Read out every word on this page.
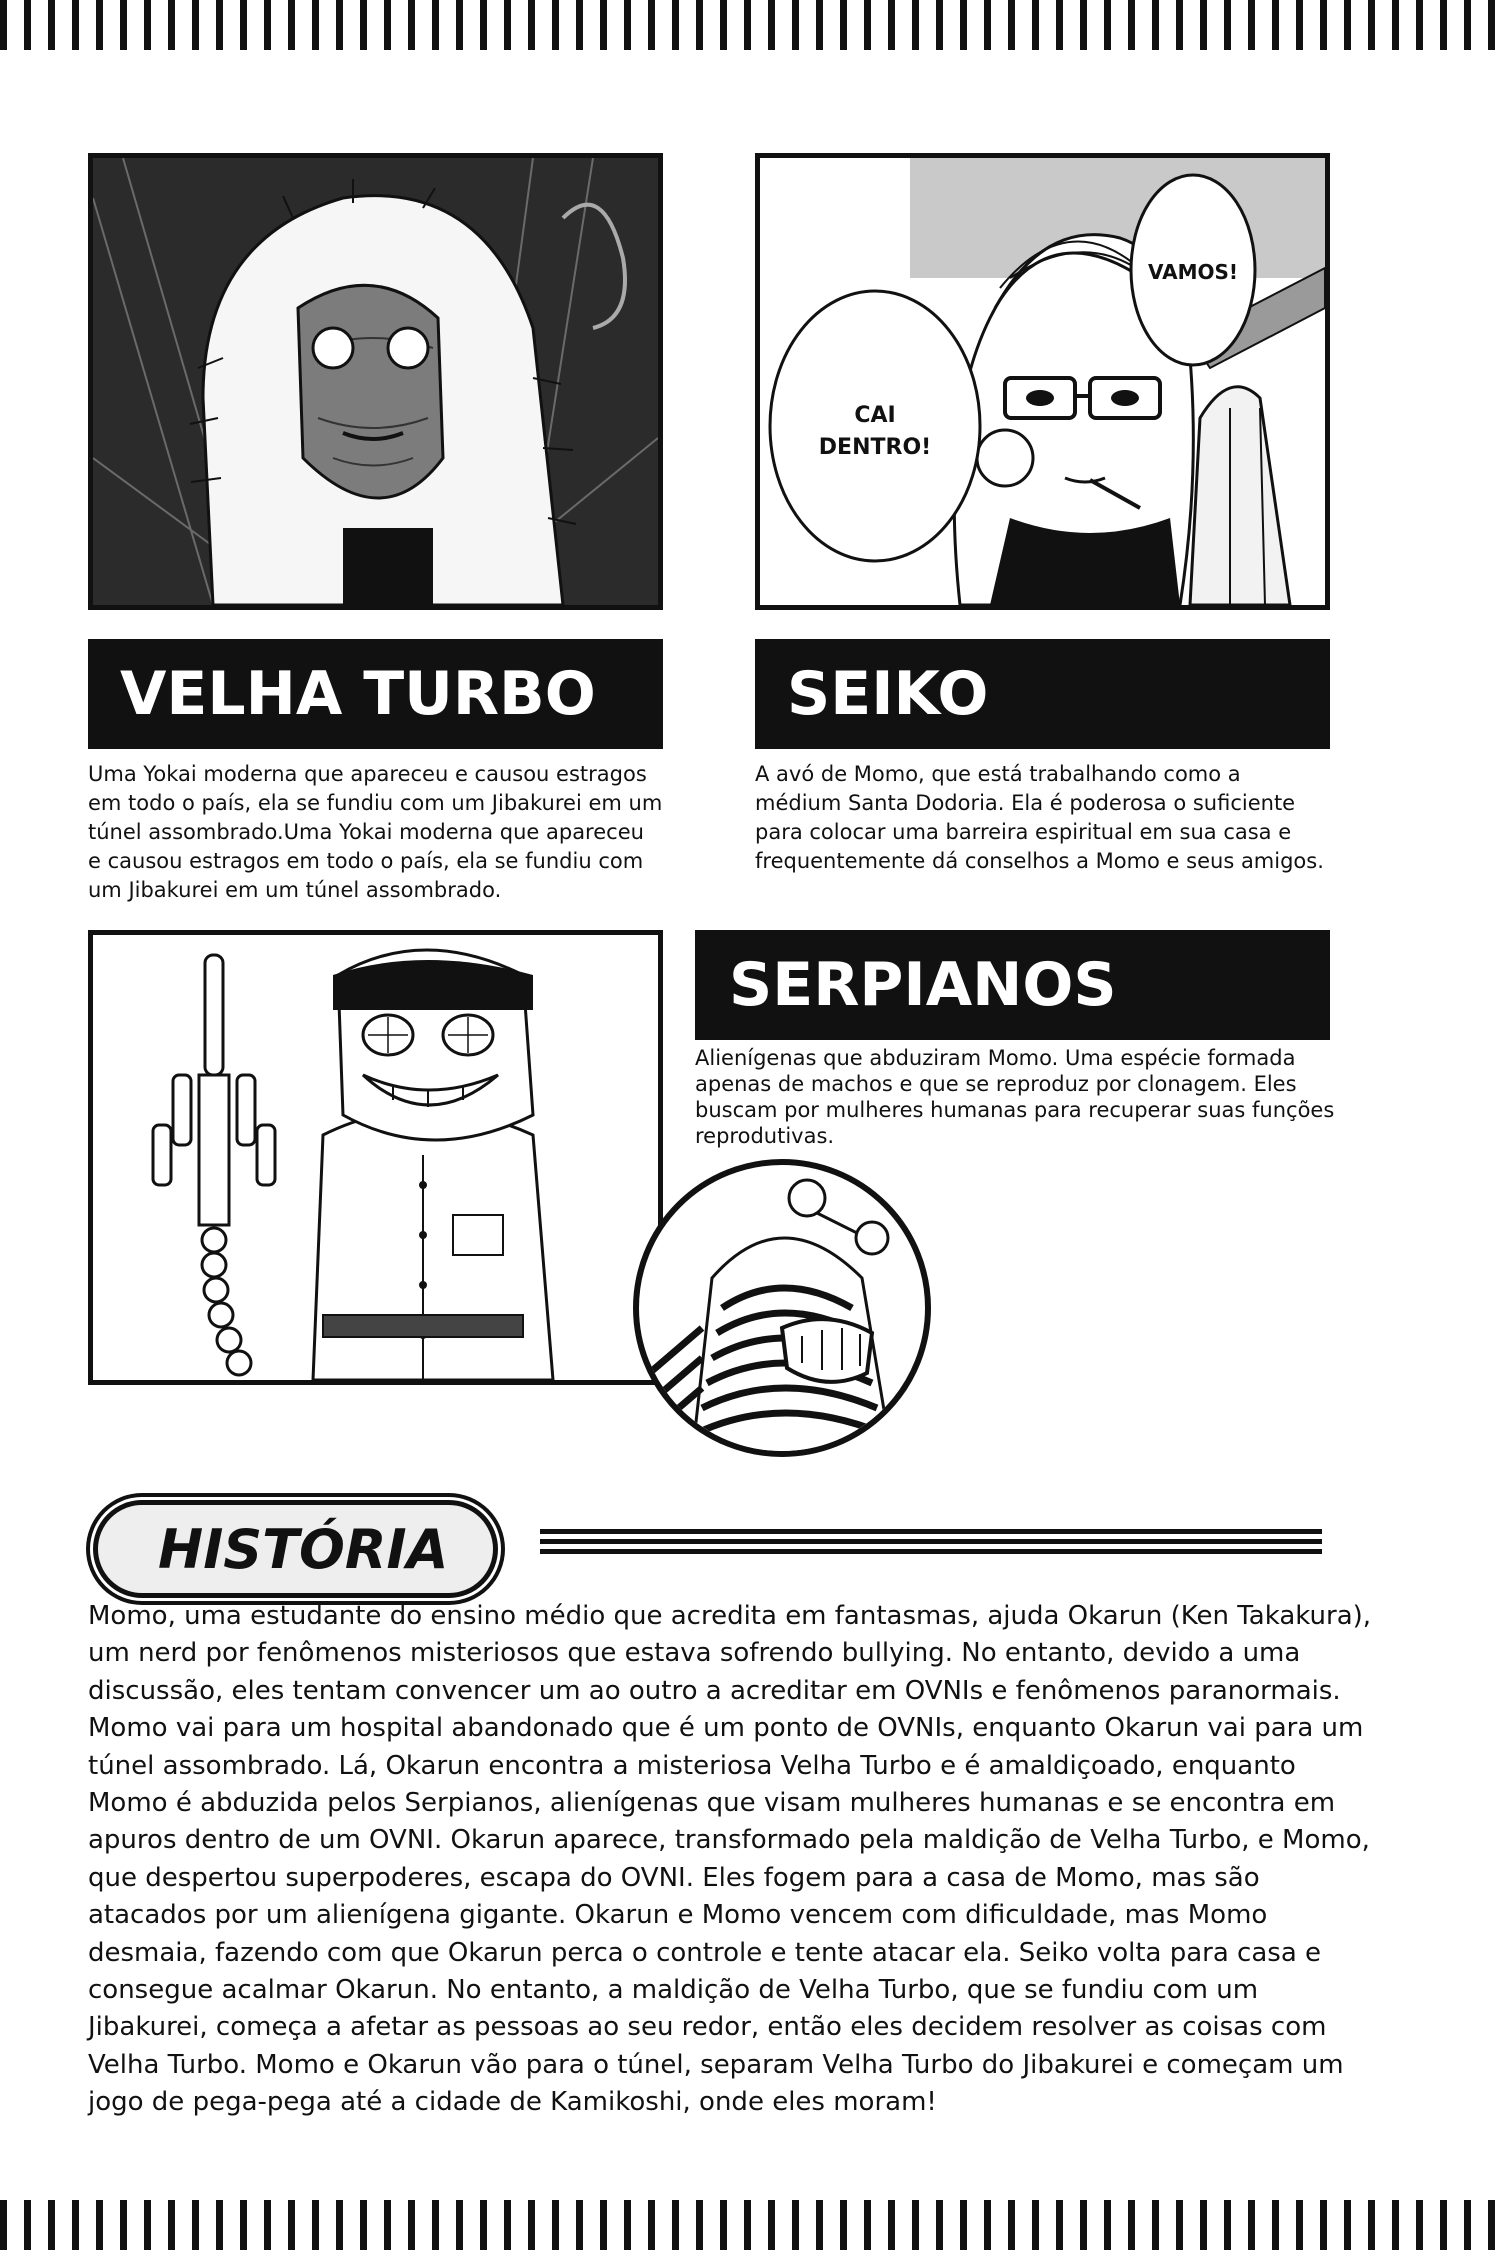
VAMOS!
CAI
DENTRO!
VELHA TURBO	SEIKO

Uma Yokai moderna que apareceu e causou estragos em todo o país, ela se fundiu com um Jibakurei em um túnel assombrado.Uma Yokai moderna que apareceu e causou estragos em todo o país, ela se fundiu com um Jibakurei em um túnel assombrado.

A avó de Momo, que está trabalhando como a médium Santa Dodoria. Ela é poderosa o suficiente para colocar uma barreira espiritual em sua casa e frequentemente dá conselhos a Momo e seus amigos.

SERPIANOS

Alienígenas que abduziram Momo. Uma espécie formada apenas de machos e que se reproduz por clonagem. Eles buscam por mulheres humanas para recuperar suas funções reprodutivas.

HISTÓRIA

Momo, uma estudante do ensino médio que acredita em fantasmas, ajuda Okarun (Ken Takakura), um nerd por fenômenos misteriosos que estava sofrendo bullying. No entanto, devido a uma discussão, eles tentam convencer um ao outro a acreditar em OVNIs e fenômenos paranormais. Momo vai para um hospital abandonado que é um ponto de OVNIs, enquanto Okarun vai para um túnel assombrado. Lá, Okarun encontra a misteriosa Velha Turbo e é amaldiçoado, enquanto Momo é abduzida pelos Serpianos, alienígenas que visam mulheres humanas e se encontra em apuros dentro de um OVNI. Okarun aparece, transformado pela maldição de Velha Turbo, e Momo, que despertou superpoderes, escapa do OVNI. Eles fogem para a casa de Momo, mas são atacados por um alienígena gigante. Okarun e Momo vencem com dificuldade, mas Momo desmaia, fazendo com que Okarun perca o controle e tente atacar ela. Seiko volta para casa e consegue acalmar Okarun. No entanto, a maldição de Velha Turbo, que se fundiu com um Jibakurei, começa a afetar as pessoas ao seu redor, então eles decidem resolver as coisas com Velha Turbo. Momo e Okarun vão para o túnel, separam Velha Turbo do Jibakurei e começam um jogo de pega-pega até a cidade de Kamikoshi, onde eles moram!
